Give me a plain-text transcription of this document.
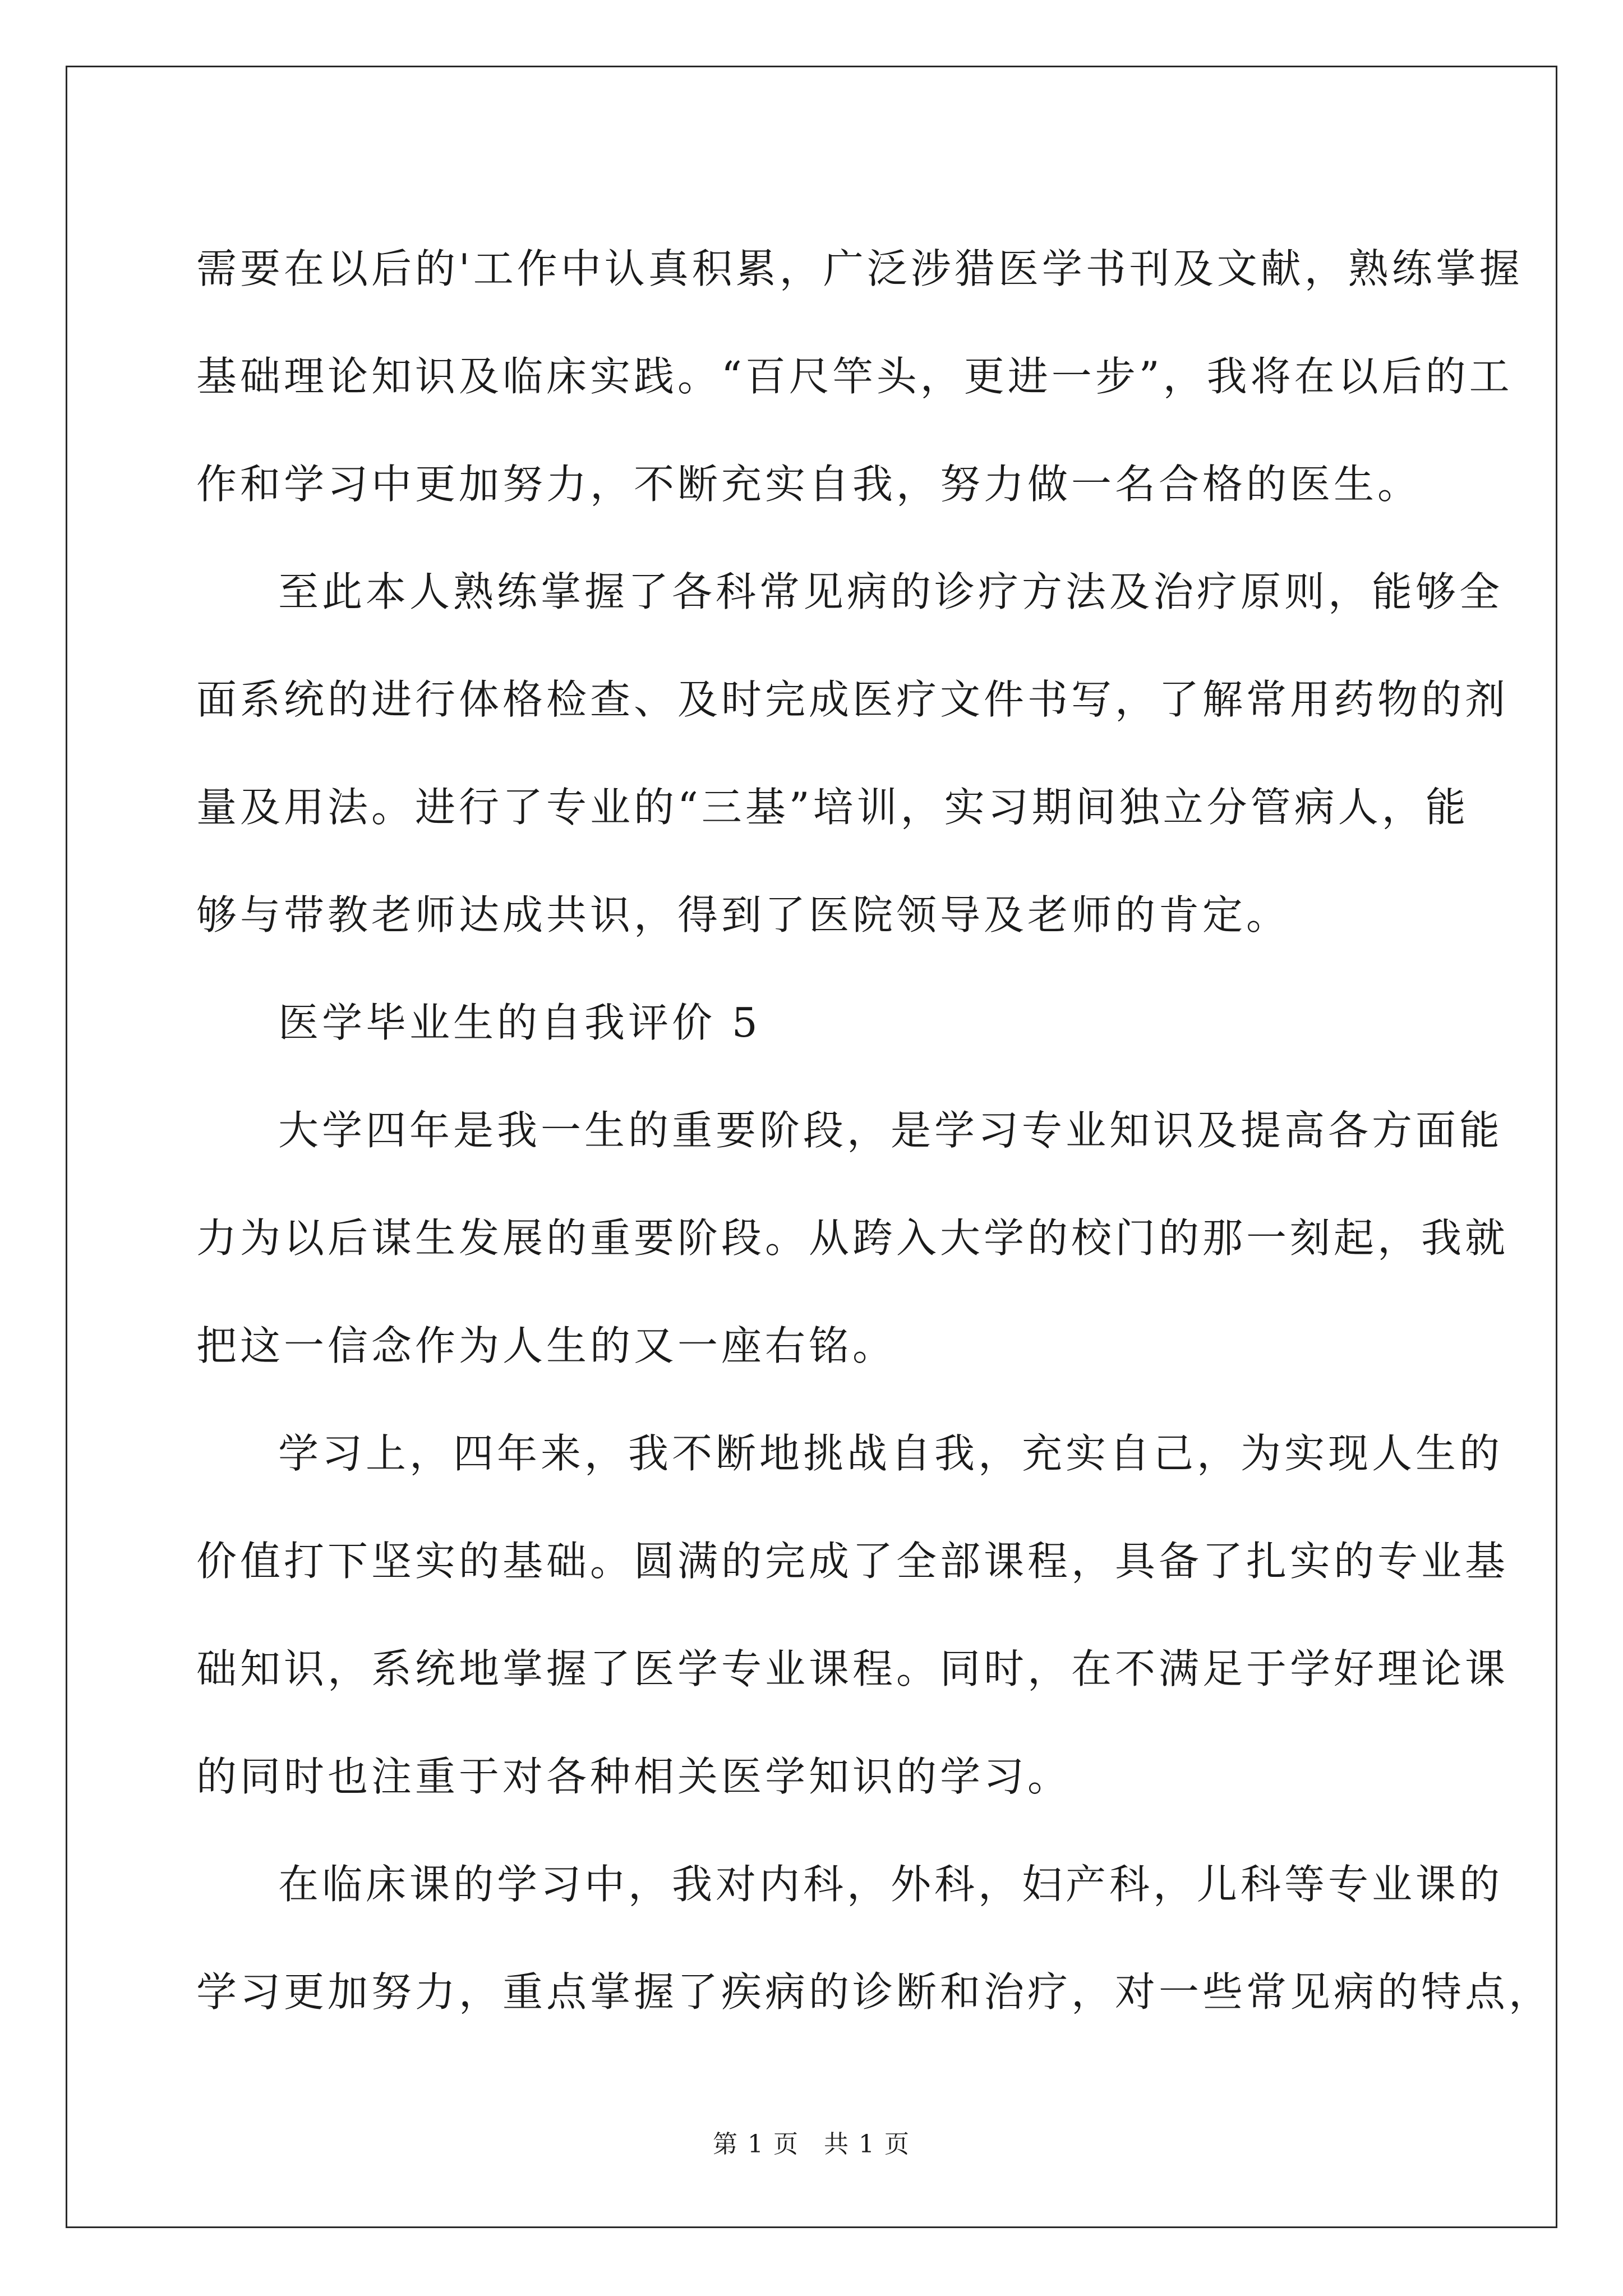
需要在以后的'工作中认真积累，广泛涉猎医学书刊及文献，熟练掌握
基础理论知识及临床实践。“百尺竿头，更进一步”，我将在以后的工
作和学习中更加努力，不断充实自我，努力做一名合格的医生。
至此本人熟练掌握了各科常见病的诊疗方法及治疗原则，能够全
面系统的进行体格检查、及时完成医疗文件书写，了解常用药物的剂
量及用法。进行了专业的“三基”培训，实习期间独立分管病人，能
够与带教老师达成共识，得到了医院领导及老师的肯定。
医学毕业生的自我评价 5
大学四年是我一生的重要阶段，是学习专业知识及提高各方面能
力为以后谋生发展的重要阶段。从跨入大学的校门的那一刻起，我就
把这一信念作为人生的又一座右铭。
学习上，四年来，我不断地挑战自我，充实自己，为实现人生的
价值打下坚实的基础。圆满的完成了全部课程，具备了扎实的专业基
础知识，系统地掌握了医学专业课程。同时，在不满足于学好理论课
的同时也注重于对各种相关医学知识的学习。
在临床课的学习中，我对内科，外科，妇产科，儿科等专业课的
学习更加努力，重点掌握了疾病的诊断和治疗，对一些常见病的特点，
第 1 页 共 1 页
